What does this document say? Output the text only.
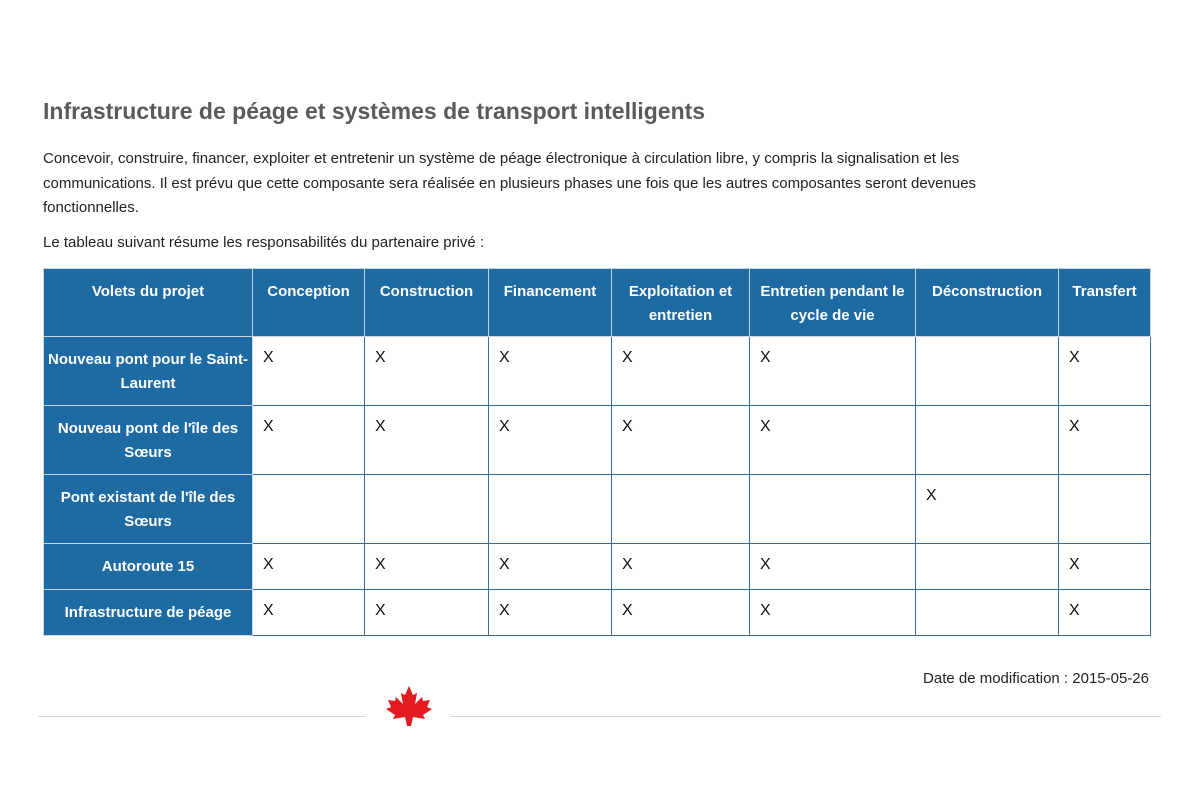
Infrastructure de péage et systèmes de transport intelligents

Concevoir, construire, financer, exploiter et entretenir un système de péage électronique à circulation libre, y compris la signalisation et les communications. Il est prévu que cette composante sera réalisée en plusieurs phases une fois que les autres composantes seront devenues fonctionnelles.

Le tableau suivant résume les responsabilités du partenaire privé :

Volets du projet	Conception	Construction	Financement	Exploitation et entretien	Entretien pendant le cycle de vie	Déconstruction	Transfert
Nouveau pont pour le Saint-Laurent	X	X	X	X	X		X
Nouveau pont de l'île des Sœurs	X	X	X	X	X		X
Pont existant de l'île des Sœurs						X	
Autoroute 15	X	X	X	X	X		X
Infrastructure de péage	X	X	X	X	X		X
Date de modification : 2015-05-26
